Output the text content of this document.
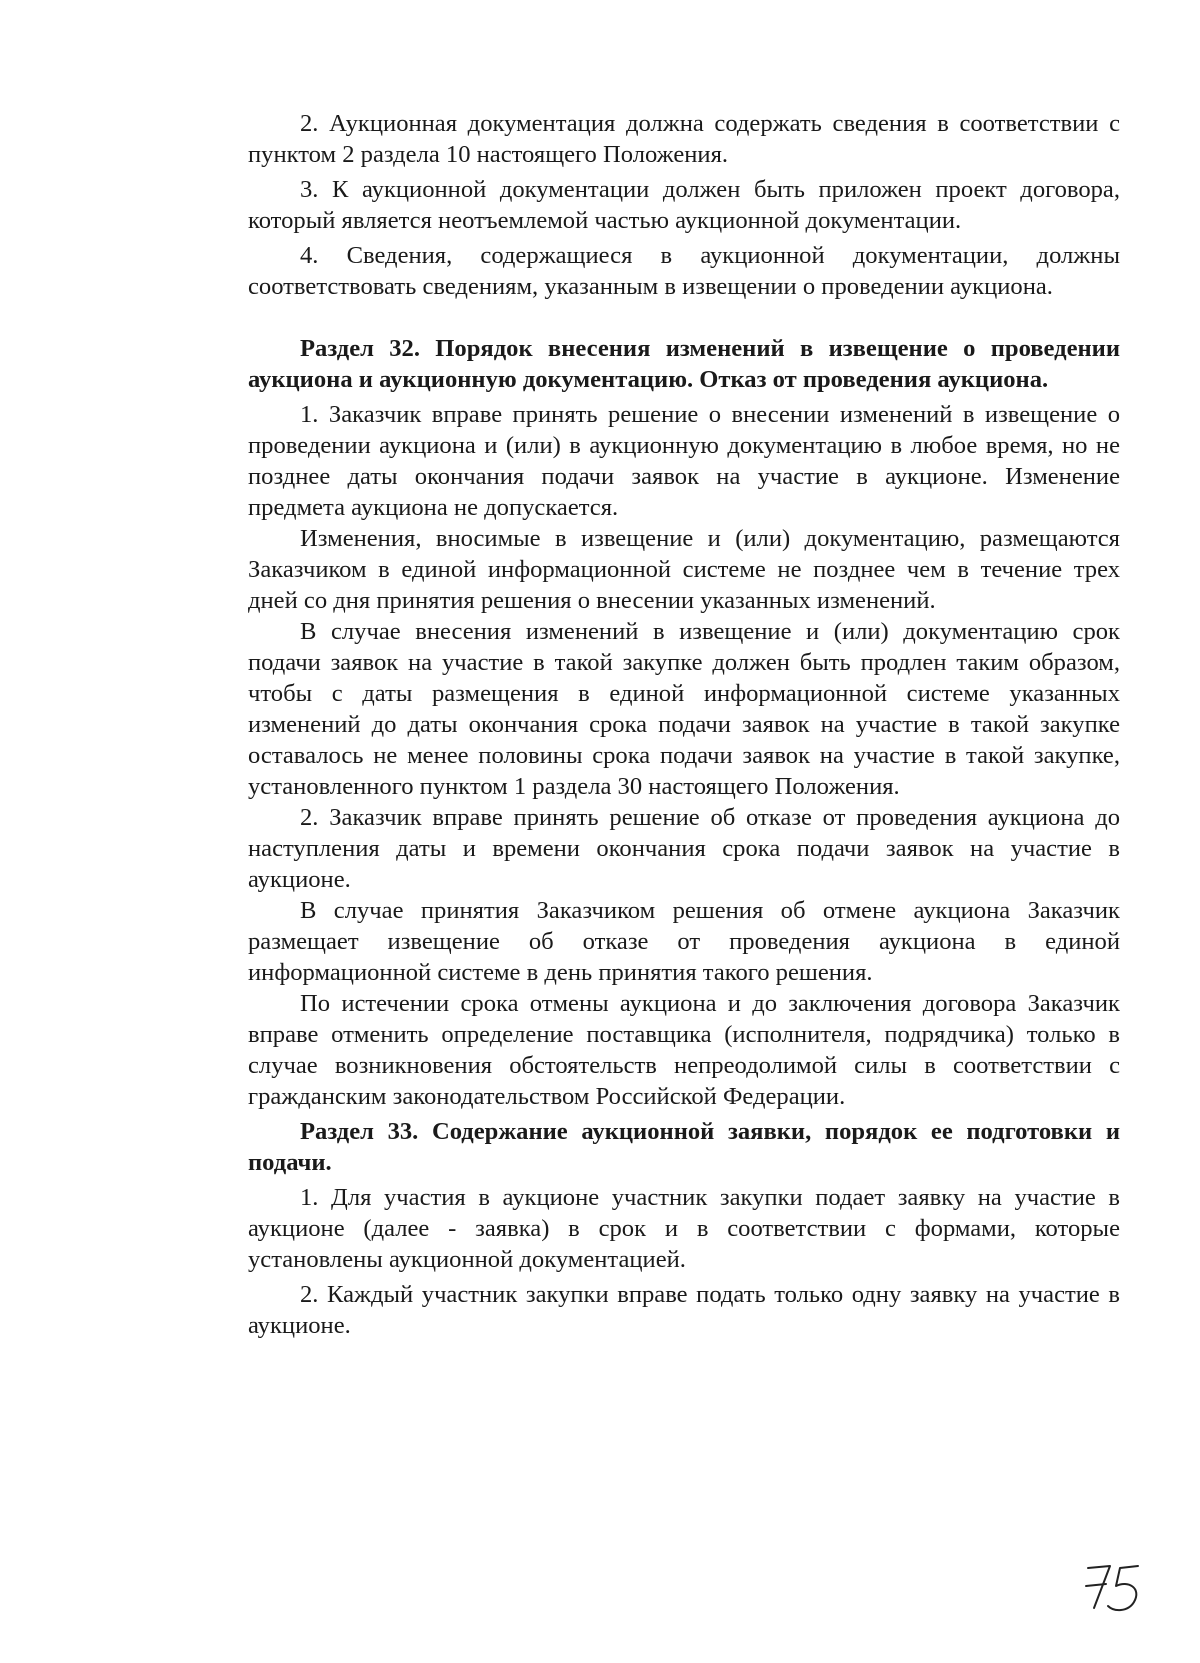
2. Аукционная документация должна содержать сведения в соответствии с пунктом 2 раздела 10 настоящего Положения.

3. К аукционной документации должен быть приложен проект договора, который является неотъемлемой частью аукционной документации.

4. Сведения, содержащиеся в аукционной документации, должны соответствовать сведениям, указанным в извещении о проведении аукциона.

Раздел 32. Порядок внесения изменений в извещение о проведении аукциона и аукционную документацию. Отказ от проведения аукциона.

1. Заказчик вправе принять решение о внесении изменений в извещение о проведении аукциона и (или) в аукционную документацию в любое время, но не позднее даты окончания подачи заявок на участие в аукционе. Изменение предмета аукциона не допускается.

Изменения, вносимые в извещение и (или) документацию, размещаются Заказчиком в единой информационной системе не позднее чем в течение трех дней со дня принятия решения о внесении указанных изменений.

В случае внесения изменений в извещение и (или) документацию срок подачи заявок на участие в такой закупке должен быть продлен таким образом, чтобы с даты размещения в единой информационной системе указанных изменений до даты окончания срока подачи заявок на участие в такой закупке оставалось не менее половины срока подачи заявок на участие в такой закупке, установленного пунктом 1 раздела 30 настоящего Положения.

2. Заказчик вправе принять решение об отказе от проведения аукциона до наступления даты и времени окончания срока подачи заявок на участие в аукционе.

В случае принятия Заказчиком решения об отмене аукциона Заказчик размещает извещение об отказе от проведения аукциона в единой информационной системе в день принятия такого решения.

По истечении срока отмены аукциона и до заключения договора Заказчик вправе отменить определение поставщика (исполнителя, подрядчика) только в случае возникновения обстоятельств непреодолимой силы в соответствии с гражданским законодательством Российской Федерации.

Раздел 33. Содержание аукционной заявки, порядок ее подготовки и подачи.

1. Для участия в аукционе участник закупки подает заявку на участие в аукционе (далее - заявка) в срок и в соответствии с формами, которые установлены аукционной документацией.

2. Каждый участник закупки вправе подать только одну заявку на участие в аукционе.
